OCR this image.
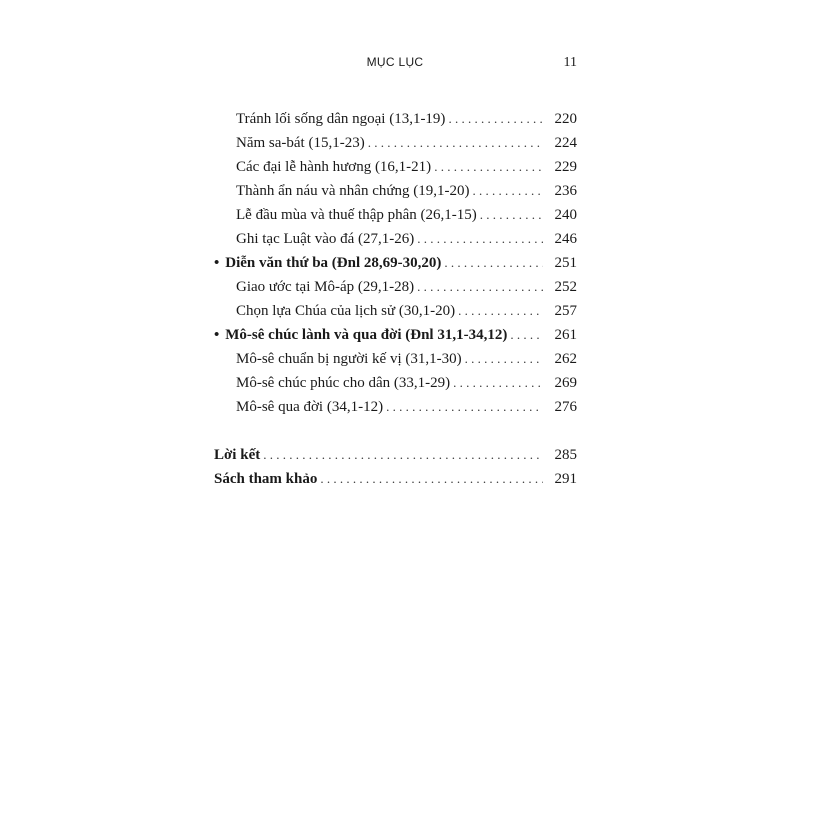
MỤC LỤC	11
Tránh lối sống dân ngoại (13,1-19) . . .	220
Năm sa-bát (15,1-23) . . .	224
Các đại lễ hành hương (16,1-21) . . .	229
Thành ẩn náu và nhân chứng (19,1-20) . . .	236
Lễ đầu mùa và thuế thập phân (26,1-15) . . .	240
Ghi tạc Luật vào đá (27,1-26) . . .	246
• Diễn văn thứ ba (Đnl 28,69-30,20) . . .	251
Giao ước tại Mô-áp (29,1-28) . . .	252
Chọn lựa Chúa của lịch sử (30,1-20) . . .	257
• Mô-sê chúc lành và qua đời (Đnl 31,1-34,12) . . .	261
Mô-sê chuẩn bị người kế vị (31,1-30) . . .	262
Mô-sê chúc phúc cho dân (33,1-29) . . .	269
Mô-sê qua đời (34,1-12) . . .	276
Lời kết . . .	285
Sách tham khảo . . .	291
